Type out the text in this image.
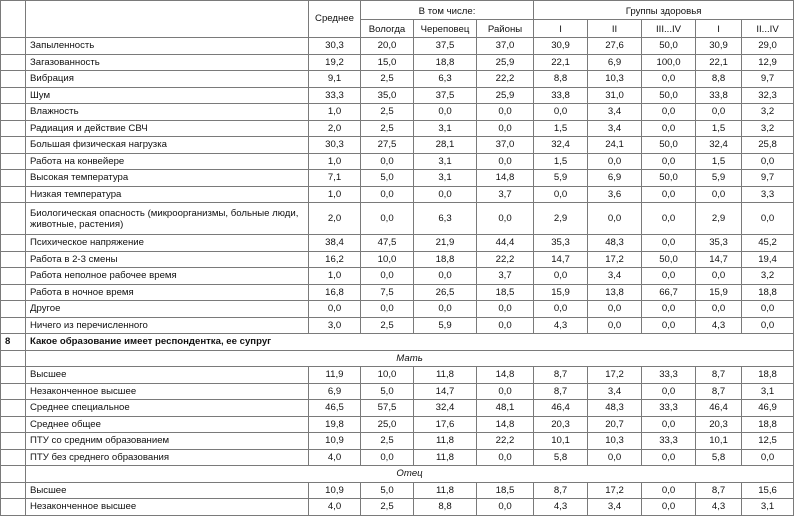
		Среднее	В том числе:			Группы здоровья				
			Вологда	Череповец	Районы	I	II	III...IV	I	II...IV
	Запыленность	30,3	20,0	37,5	37,0	30,9	27,6	50,0	30,9	29,0
	Загазованность	19,2	15,0	18,8	25,9	22,1	6,9	100,0	22,1	12,9
	Вибрация	9,1	2,5	6,3	22,2	8,8	10,3	0,0	8,8	9,7
	Шум	33,3	35,0	37,5	25,9	33,8	31,0	50,0	33,8	32,3
	Влажность	1,0	2,5	0,0	0,0	0,0	3,4	0,0	0,0	3,2
	Радиация и действие СВЧ	2,0	2,5	3,1	0,0	1,5	3,4	0,0	1,5	3,2
	Большая физическая нагрузка	30,3	27,5	28,1	37,0	32,4	24,1	50,0	32,4	25,8
	Работа на конвейере	1,0	0,0	3,1	0,0	1,5	0,0	0,0	1,5	0,0
	Высокая температура	7,1	5,0	3,1	14,8	5,9	6,9	50,0	5,9	9,7
	Низкая температура	1,0	0,0	0,0	3,7	0,0	3,6	0,0	0,0	3,3
	Биологическая опасность (микроорганизмы, больные люди, животные, растения)	2,0	0,0	6,3	0,0	2,9	0,0	0,0	2,9	0,0
	Психическое напряжение	38,4	47,5	21,9	44,4	35,3	48,3	0,0	35,3	45,2
	Работа в 2-3 смены	16,2	10,0	18,8	22,2	14,7	17,2	50,0	14,7	19,4
	Работа неполное рабочее время	1,0	0,0	0,0	3,7	0,0	3,4	0,0	0,0	3,2
	Работа в ночное время	16,8	7,5	26,5	18,5	15,9	13,8	66,7	15,9	18,8
	Другое	0,0	0,0	0,0	0,0	0,0	0,0	0,0	0,0	0,0
	Ничего из перечисленного	3,0	2,5	5,9	0,0	4,3	0,0	0,0	4,3	0,0
8	Какое образование имеет респондентка, ее супруг									
	Мать									
	Высшее	11,9	10,0	11,8	14,8	8,7	17,2	33,3	8,7	18,8
	Незаконченное высшее	6,9	5,0	14,7	0,0	8,7	3,4	0,0	8,7	3,1
	Среднее специальное	46,5	57,5	32,4	48,1	46,4	48,3	33,3	46,4	46,9
	Среднее общее	19,8	25,0	17,6	14,8	20,3	20,7	0,0	20,3	18,8
	ПТУ со средним образованием	10,9	2,5	11,8	22,2	10,1	10,3	33,3	10,1	12,5
	ПТУ без среднего образования	4,0	0,0	11,8	0,0	5,8	0,0	0,0	5,8	0,0
	Отец									
	Высшее	10,9	5,0	11,8	18,5	8,7	17,2	0,0	8,7	15,6
	Незаконченное высшее	4,0	2,5	8,8	0,0	4,3	3,4	0,0	4,3	3,1
